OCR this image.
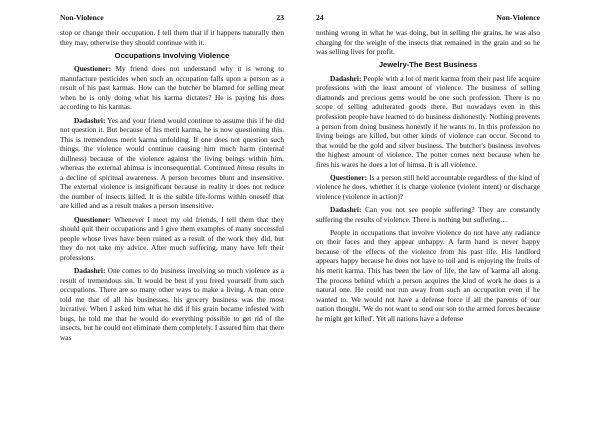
Non-Violence	23

stop or change their occupation. I tell them that if it happens naturally then they may, otherwise they should continue with it.

Occupations Involving Violence

Questioner: My friend does not understand why it is wrong to manufacture pesticides when such an occupation falls upon a person as a result of his past karmas. How can the butcher be blamed for selling meat when he is only doing what his karma dictates? He is paying his dues according to his karmas.

Dadashri: Yes and your friend would continue to assume this if he did not question it. But because of his merit karma, he is now questioning this. This is tremendous merit karma unfolding. If one does not question such things, the violence would continue causing him much harm (internal dullness) because of the violence against the living beings within him, whereas the external ahimsa is inconsequential. Continued himsa results in a decline of spiritual awareness. A person becomes blunt and insensitive. The external violence is insignificant because in reality it does not reduce the number of insects killed. It is the subtle life-forms within oneself that are killed and as a result makes a person insensitive.

Questioner: Whenever I meet my old friends, I tell them that they should quit their occupations and I give them examples of many successful people whose lives have been ruined as a result of the work they did, but they do not take my advice. After much suffering, many have left their professions.

Dadashri: One comes to do business involving so much violence as a result of tremendous sin. It would be best if you freed yourself from such occupations. There are so many other ways to make a living. A man once told me that of all his businesses, his grocery business was the most lucrative. When I asked him what he did if his grain became infested with bugs, he told me that he would do everything possible to get rid of the insects, but he could not eliminate them completely. I assured him that there was

24	Non-Violence

nothing wrong in what he was doing, but in selling the grains, he was also charging for the weight of the insects that remained in the grain and so he was selling lives for profit.

Jewelry-The Best Business

Dadashri: People with a lot of merit karma from their past life acquire professions with the least amount of violence. The business of selling diamonds and precious gems would be one such profession. There is no scope of selling adulterated goods there. But nowadays even in this profession people have learned to do business dishonestly. Nothing prevents a person from doing business honestly if he wants to. In this profession no living beings are killed, but other kinds of violence can occur. Second to that would be the gold and silver business. The butcher's business involves the highest amount of violence. The potter comes next because when he fires his wares he does a lot of himsa. It is all violence.

Questioner: Is a person still held accountable regardless of the kind of violence he does, whether it is charge violence (violent intent) or discharge violence (violence in action)?

Dadashri: Can you not see people suffering? They are constantly suffering the results of violence. There is nothing but suffering…

People in occupations that involve violence do not have any radiance on their faces and they appear unhappy. A farm hand is never happy because of the effects of the violence from his past life. His landlord appears happy because he does not have to toil and is enjoying the fruits of his merit karma. This has been the law of life, the law of karma all along. The process behind which a person acquires the kind of work he does is a natural one. He could not run away from such an occupation even if he wanted to. We would not have a defense force if all the parents of our nation thought, 'We do not want to send our son to the armed forces because he might get killed'. Yet all nations have a defense
